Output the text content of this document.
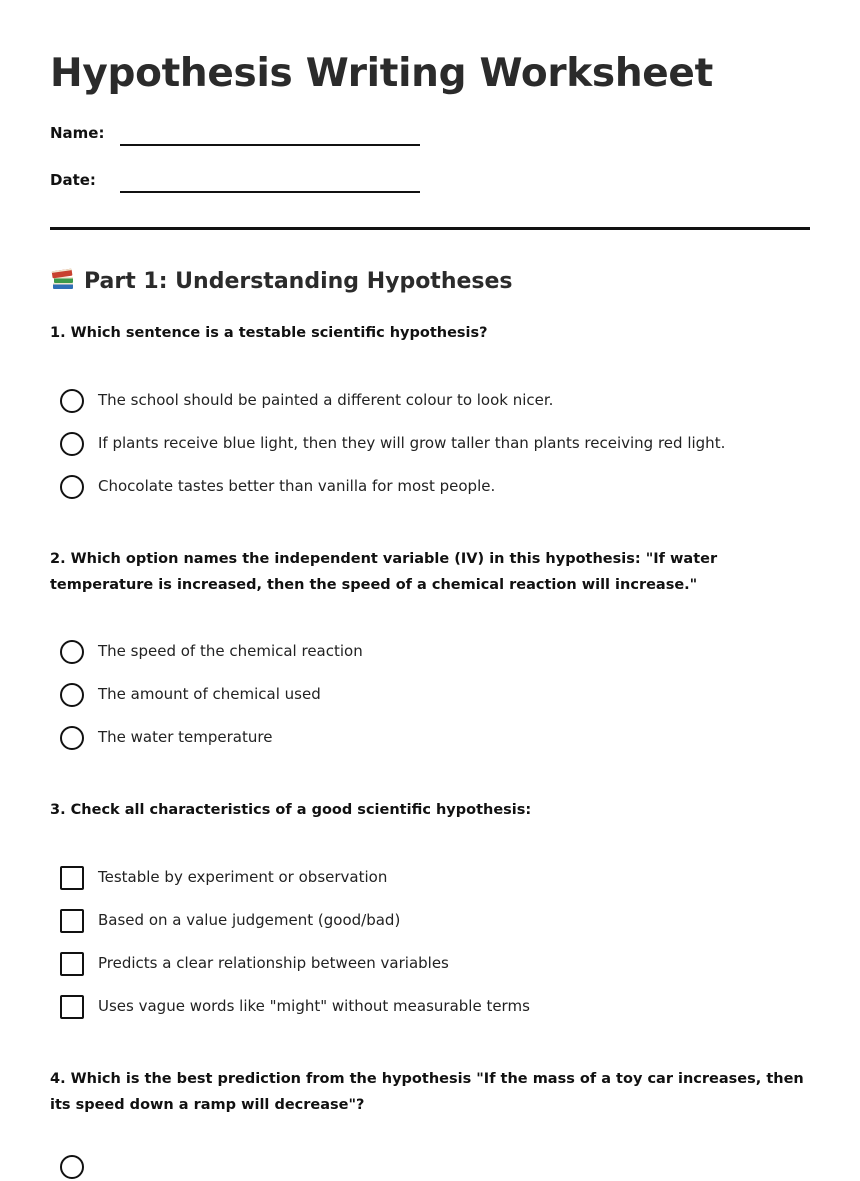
Hypothesis Writing Worksheet
Name:
Date:
Part 1: Understanding Hypotheses
1. Which sentence is a testable scientific hypothesis?
The school should be painted a different colour to look nicer.
If plants receive blue light, then they will grow taller than plants receiving red light.
Chocolate tastes better than vanilla for most people.
2. Which option names the independent variable (IV) in this hypothesis: "If water temperature is increased, then the speed of a chemical reaction will increase."
The speed of the chemical reaction
The amount of chemical used
The water temperature
3. Check all characteristics of a good scientific hypothesis:
Testable by experiment or observation
Based on a value judgement (good/bad)
Predicts a clear relationship between variables
Uses vague words like "might" without measurable terms
4. Which is the best prediction from the hypothesis "If the mass of a toy car increases, then its speed down a ramp will decrease"?
